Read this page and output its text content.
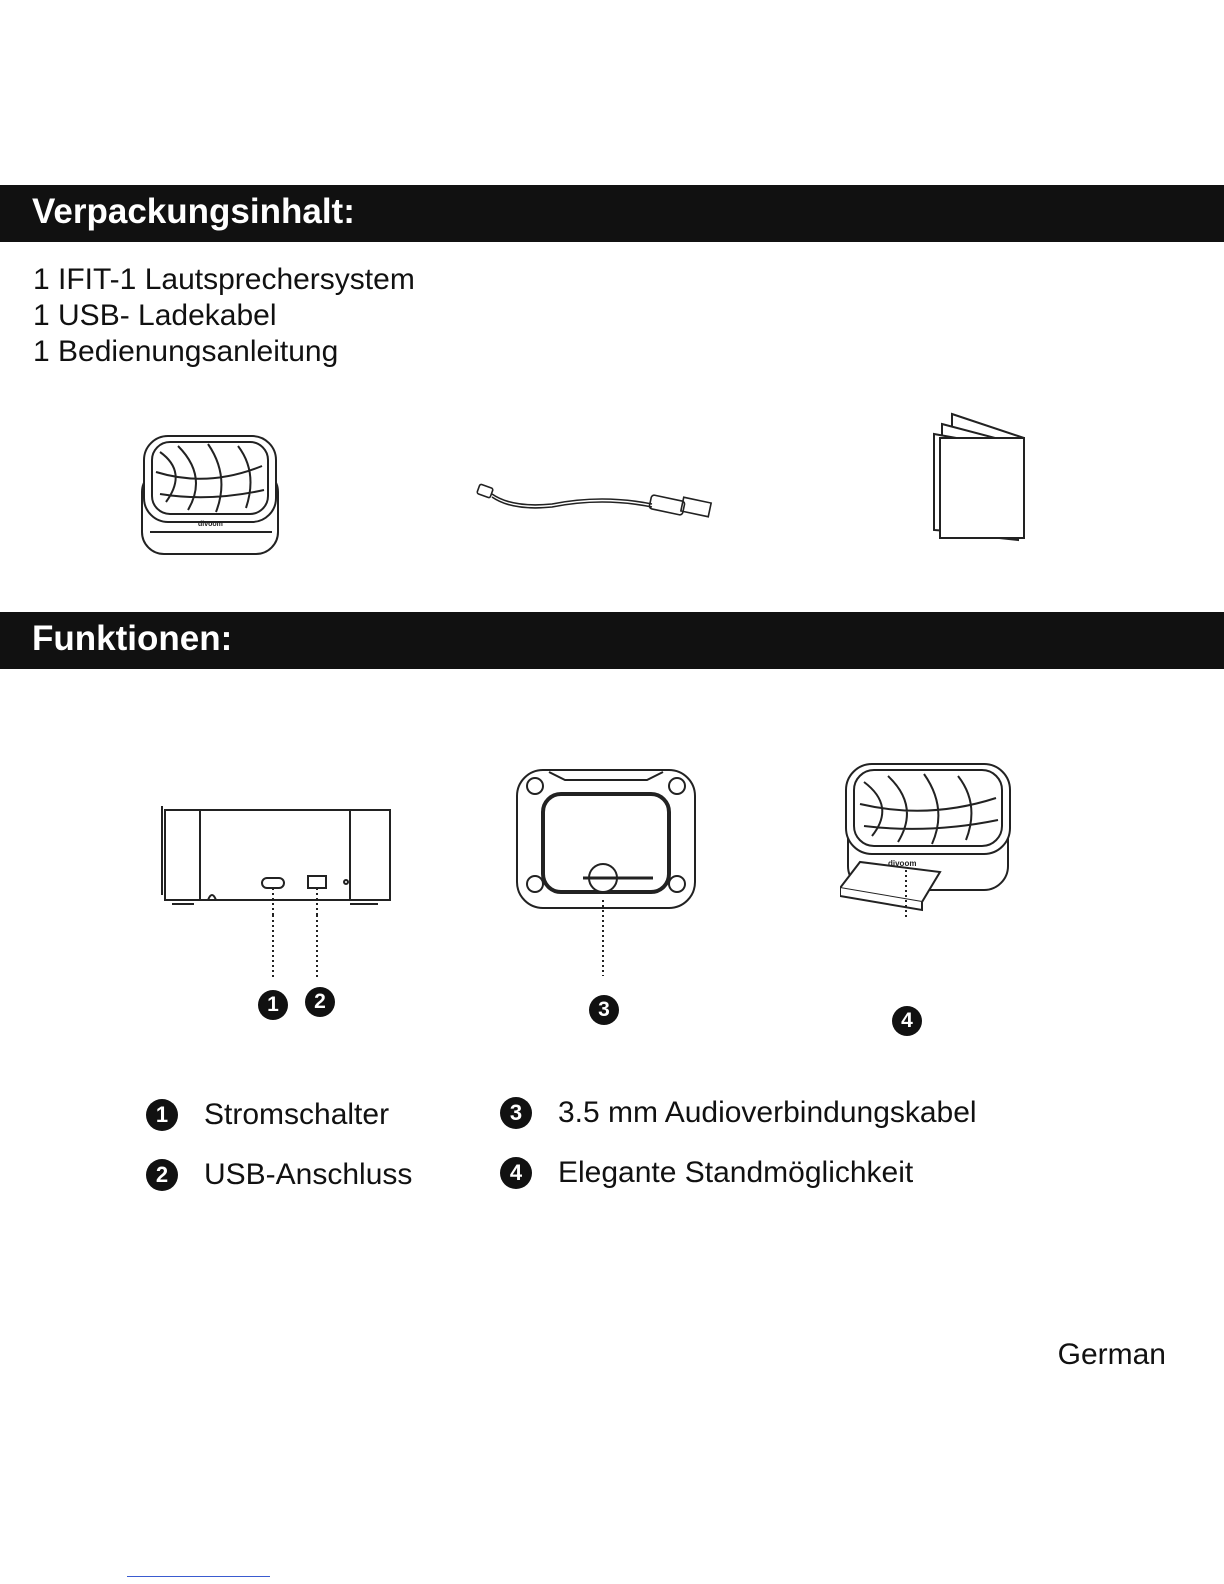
Verpackungsinhalt:
1 IFIT-1 Lautsprechersystem
1 USB- Ladekabel
1 Bedienungsanleitung
divoom
Funktionen:
1	2	3
divoom
4
1	Stromschalter
2	USB-Anschluss
3	3.5 mm Audioverbindungskabel
4	Elegante Standmöglichkeit
German
